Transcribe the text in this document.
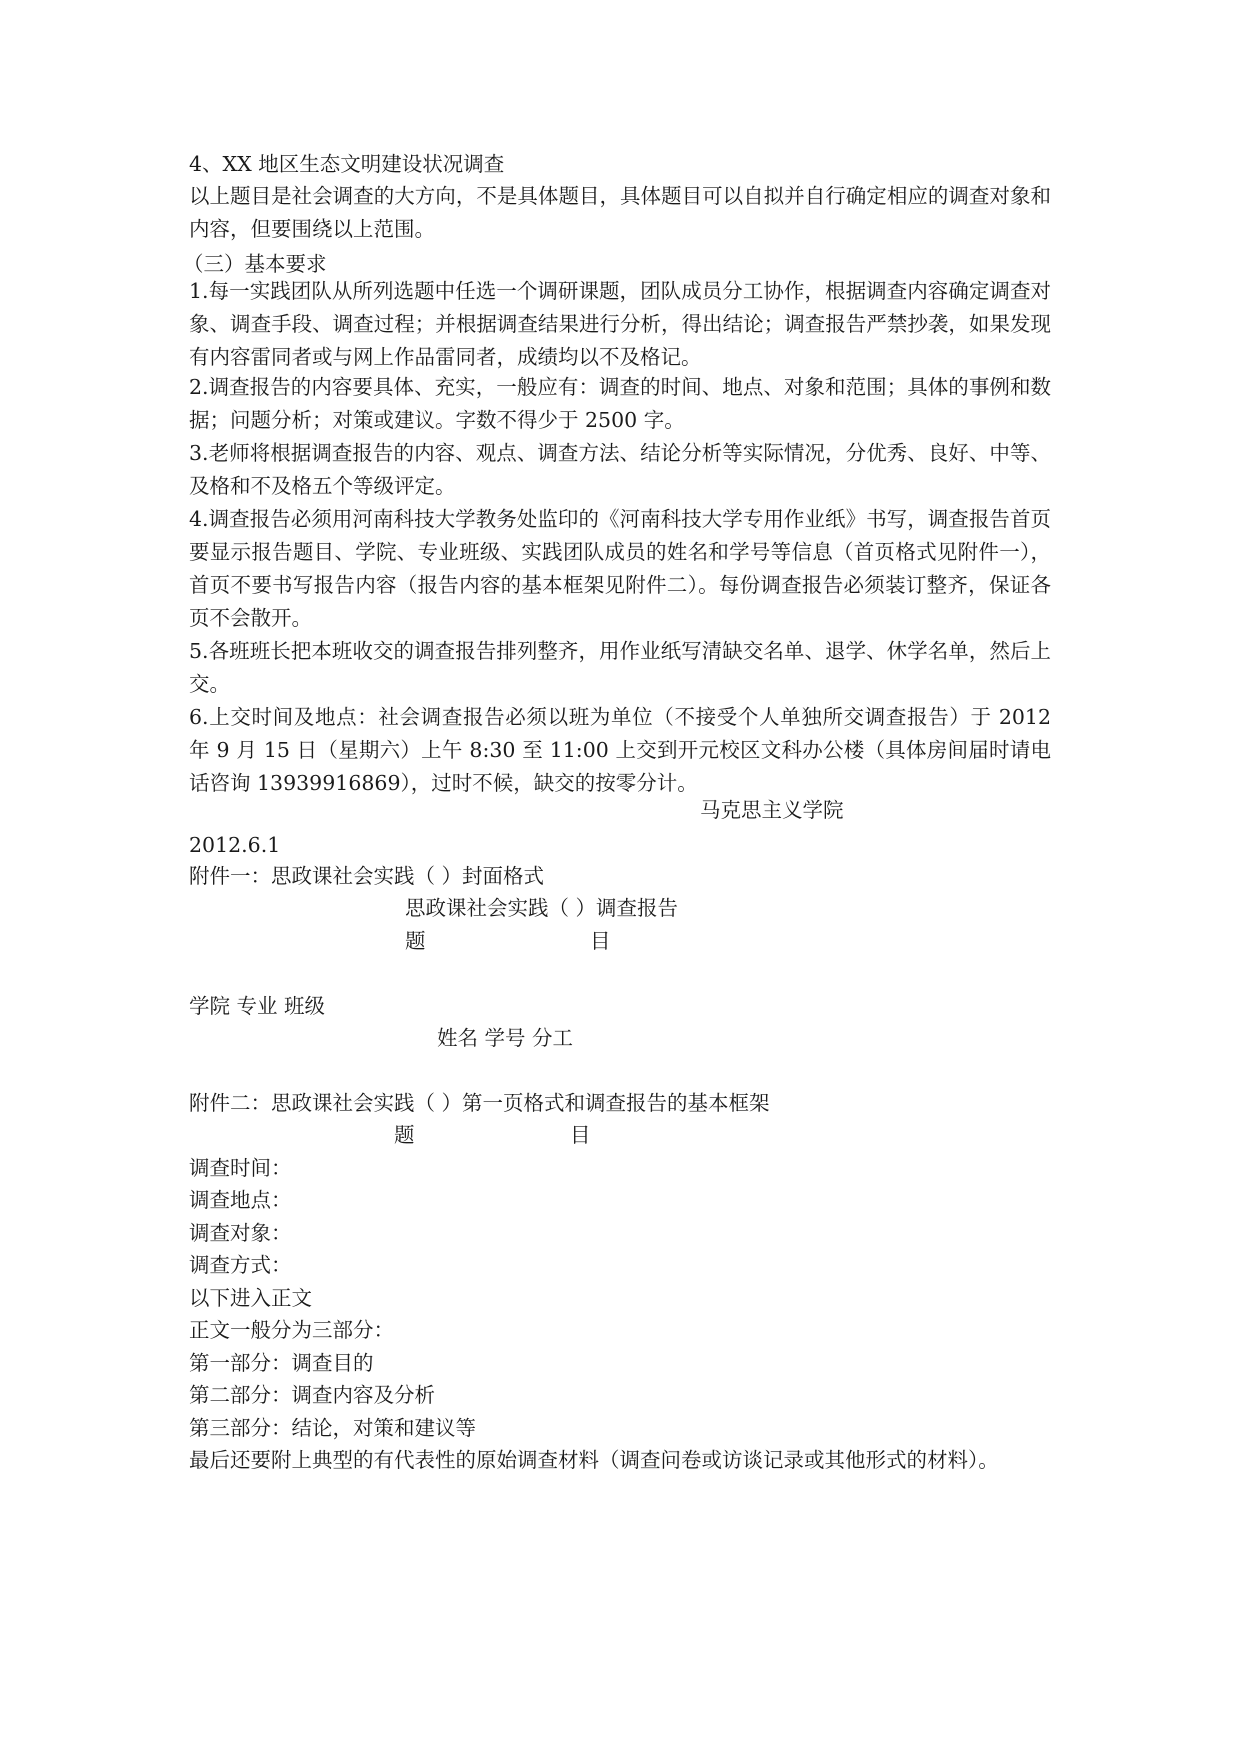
4、XX 地区生态文明建设状况调查
以上题目是社会调查的大方向，不是具体题目，具体题目可以自拟并自行确定相应的调查对象和内容，但要围绕以上范围。
（三）基本要求
1.每一实践团队从所列选题中任选一个调研课题，团队成员分工协作，根据调查内容确定调查对象、调查手段、调查过程；并根据调查结果进行分析，得出结论；调查报告严禁抄袭，如果发现有内容雷同者或与网上作品雷同者，成绩均以不及格记。
2.调查报告的内容要具体、充实，一般应有：调查的时间、地点、对象和范围；具体的事例和数据；问题分析；对策或建议。字数不得少于 2500 字。
3.老师将根据调查报告的内容、观点、调查方法、结论分析等实际情况，分优秀、良好、中等、及格和不及格五个等级评定。
4.调查报告必须用河南科技大学教务处监印的《河南科技大学专用作业纸》书写，调查报告首页要显示报告题目、学院、专业班级、实践团队成员的姓名和学号等信息（首页格式见附件一），首页不要书写报告内容（报告内容的基本框架见附件二）。每份调查报告必须装订整齐，保证各页不会散开。
5.各班班长把本班收交的调查报告排列整齐，用作业纸写清缺交名单、退学、休学名单，然后上交。
6.上交时间及地点：社会调查报告必须以班为单位（不接受个人单独所交调查报告）于 2012 年 9 月 15 日（星期六）上午 8:30 至 11:00 上交到开元校区文科办公楼（具体房间届时请电话咨询 13939916869），过时不候，缺交的按零分计。
马克思主义学院
2012.6.1
附件一：思政课社会实践（ ）封面格式
思政课社会实践（ ）调查报告
题	目
学院 专业 班级
姓名 学号 分工
附件二：思政课社会实践（ ）第一页格式和调查报告的基本框架
题	目
调查时间：
调查地点：
调查对象：
调查方式：
以下进入正文
正文一般分为三部分：
第一部分：调查目的
第二部分：调查内容及分析
第三部分：结论，对策和建议等
最后还要附上典型的有代表性的原始调查材料（调查问卷或访谈记录或其他形式的材料）。
